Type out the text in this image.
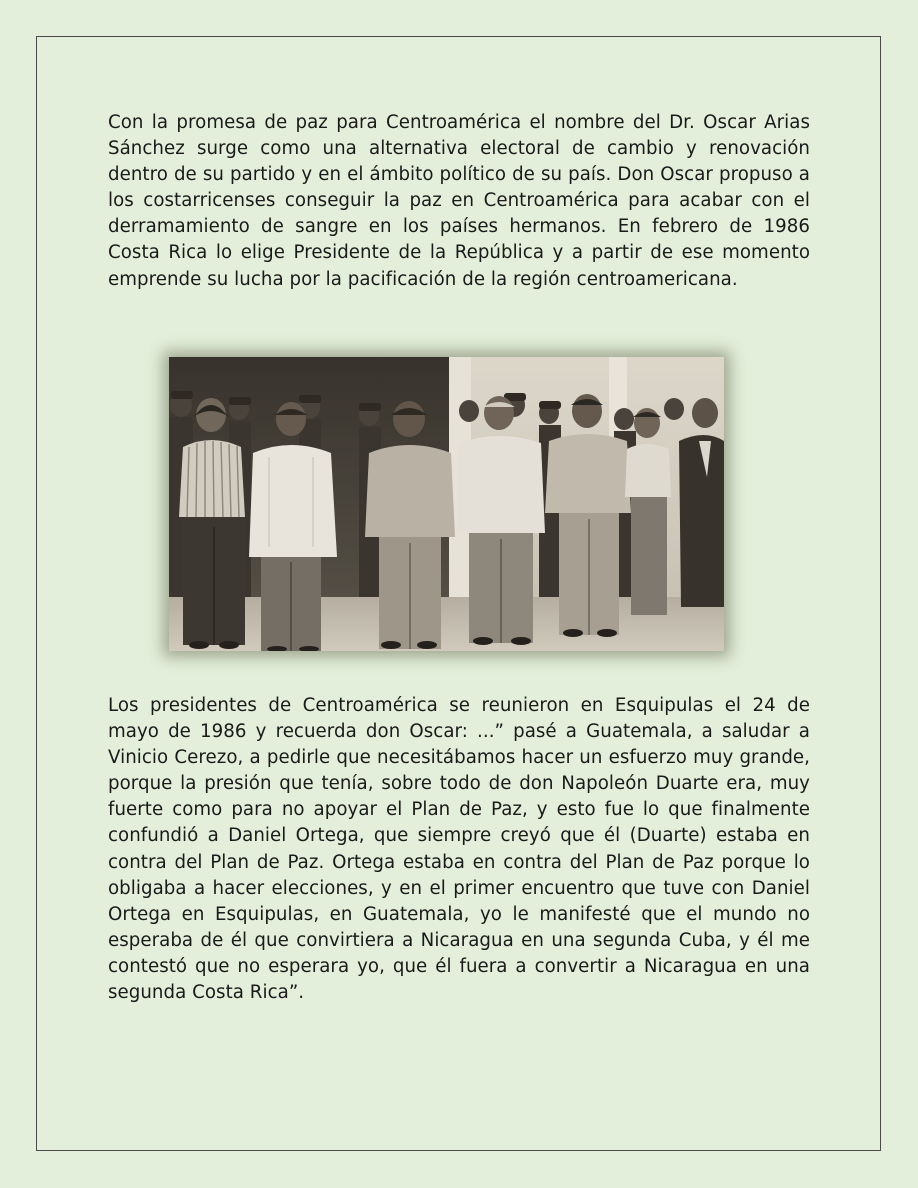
Con la promesa de paz para Centroamérica el nombre del Dr. Oscar Arias Sánchez surge como una alternativa electoral de cambio y renovación dentro de su partido y en el ámbito político de su país. Don Oscar propuso a los costarricenses conseguir la paz en Centroamérica para acabar con el derramamiento de sangre en los países hermanos. En febrero de 1986 Costa Rica lo elige Presidente de la República y a partir de ese momento emprende su lucha por la pacificación de la región centroamericana.

Los presidentes de Centroamérica se reunieron en Esquipulas el 24 de mayo de 1986 y recuerda don Oscar: ...” pasé a Guatemala, a saludar a Vinicio Cerezo, a pedirle que necesitábamos hacer un esfuerzo muy grande, porque la presión que tenía, sobre todo de don Napoleón Duarte era, muy fuerte como para no apoyar el Plan de Paz, y esto fue lo que finalmente confundió a Daniel Ortega, que siempre creyó que él (Duarte) estaba en contra del Plan de Paz. Ortega estaba en contra del Plan de Paz porque lo obligaba a hacer elecciones, y en el primer encuentro que tuve con Daniel Ortega en Esquipulas, en Guatemala, yo le manifesté que el mundo no esperaba de él que convirtiera a Nicaragua en una segunda Cuba, y él me contestó que no esperara yo, que él fuera a convertir a Nicaragua en una segunda Costa Rica”.
